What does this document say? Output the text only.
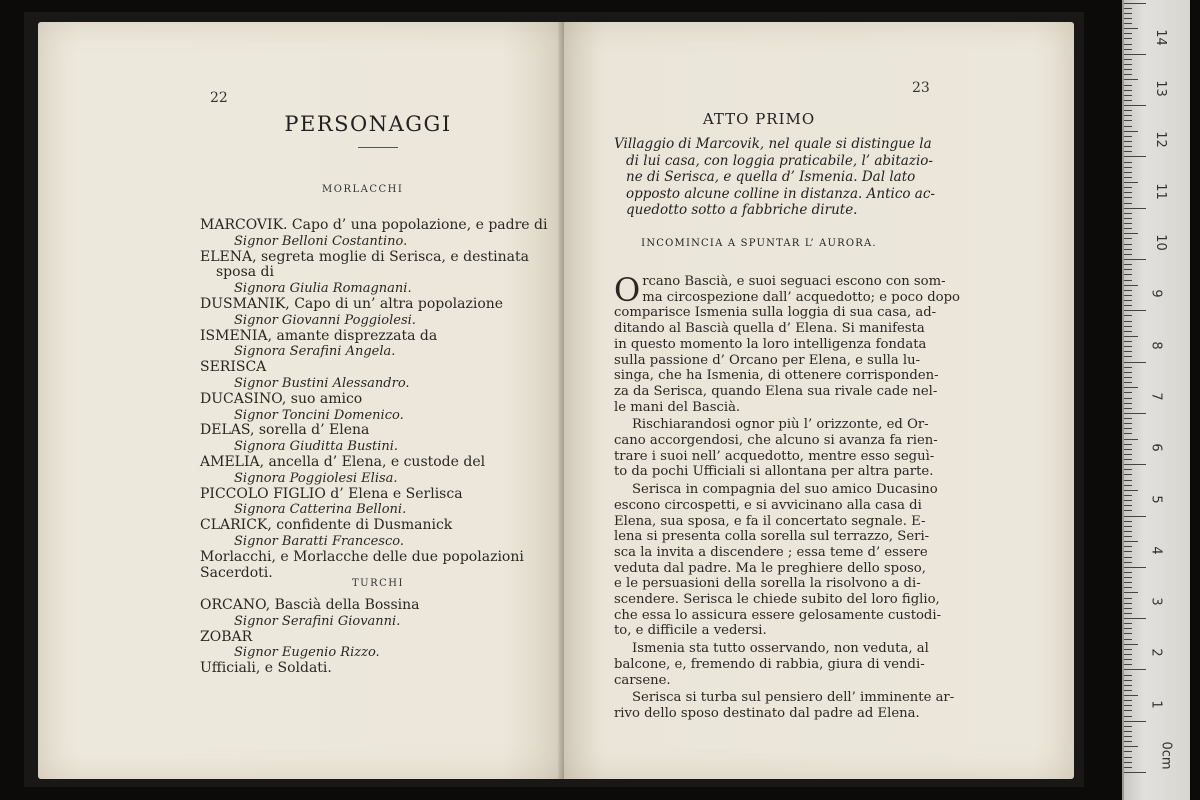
22
PERSONAGGI
MORLACCHI
MARCOVIK. Capo d’ una popolazione, e padre di
Signor Belloni Costantino.
ELENA, segreta moglie di Serisca, e destinata
sposa di
Signora Giulia Romagnani.
DUSMANIK, Capo di un’ altra popolazione
Signor Giovanni Poggiolesi.
ISMENIA, amante disprezzata da
Signora Serafini Angela.
SERISCA
Signor Bustini Alessandro.
DUCASINO, suo amico
Signor Toncini Domenico.
DELAS, sorella d’ Elena
Signora Giuditta Bustini.
AMELIA, ancella d’ Elena, e custode del
Signora Poggiolesi Elisa.
PICCOLO FIGLIO d’ Elena e Serlisca
Signora Catterina Belloni.
CLARICK, confidente di Dusmanick
Signor Baratti Francesco.
Morlacchi, e Morlacche delle due popolazioni
Sacerdoti.
TURCHI
ORCANO, Bascià della Bossina
Signor Serafini Giovanni.
ZOBAR
Signor Eugenio Rizzo.
Ufficiali, e Soldati.
23
ATTO PRIMO
Villaggio di Marcovik, nel quale si distingue la
di lui casa, con loggia praticabile, l’ abitazio-
ne di Serisca, e quella d’ Ismenia. Dal lato
opposto alcune colline in distanza. Antico ac-
quedotto sotto a fabbriche dirute.
INCOMINCIA A SPUNTAR L’ AURORA.
O rcano Bascià, e suoi seguaci escono con som-
ma circospezione dall’ acquedotto; e poco dopo
comparisce Ismenia sulla loggia di sua casa, ad-
ditando al Bascià quella d’ Elena. Si manifesta
in questo momento la loro intelligenza fondata
sulla passione d’ Orcano per Elena, e sulla lu-
singa, che ha Ismenia, di ottenere corrisponden-
za da Serisca, quando Elena sua rivale cade nel-
le mani del Bascià.
Rischiarandosi ognor più l’ orizzonte, ed Or-
cano accorgendosi, che alcuno si avanza fa rien-
trare i suoi nell’ acquedotto, mentre esso seguì-
to da pochi Ufficiali si allontana per altra parte.
Serisca in compagnia del suo amico Ducasino
escono circospetti, e si avvicinano alla casa di
Elena, sua sposa, e fa il concertato segnale. E-
lena si presenta colla sorella sul terrazzo, Seri-
sca la invita a discendere ; essa teme d’ essere
veduta dal padre. Ma le preghiere dello sposo,
e le persuasioni della sorella la risolvono a di-
scendere. Serisca le chiede subito del loro figlio,
che essa lo assicura essere gelosamente custodi-
to, e difficile a vedersi.
Ismenia sta tutto osservando, non veduta, al
balcone, e, fremendo di rabbia, giura di vendi-
carsene.
Serisca si turba sul pensiero dell’ imminente ar-
rivo dello sposo destinato dal padre ad Elena.
0cm
1
2
3
4
5
6
7
8
9
10
11
12
13
14
